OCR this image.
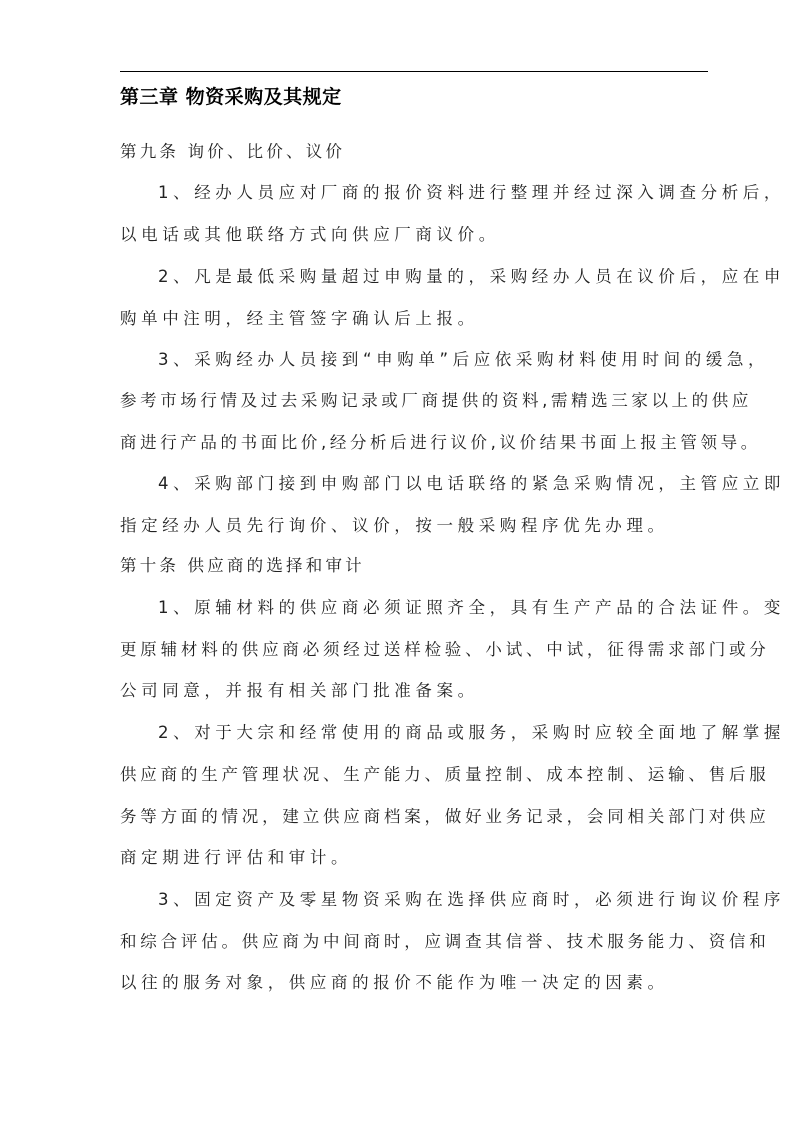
第三章 物资采购及其规定
第九条 询价、比价、议价
1、经办人员应对厂商的报价资料进行整理并经过深入调查分析后，
以电话或其他联络方式向供应厂商议价。
2、凡是最低采购量超过申购量的，采购经办人员在议价后，应在申
购单中注明，经主管签字确认后上报。
3、采购经办人员接到“申购单”后应依采购材料使用时间的缓急，
参考市场行情及过去采购记录或厂商提供的资料,需精选三家以上的供应
商进行产品的书面比价,经分析后进行议价,议价结果书面上报主管领导。
4、采购部门接到申购部门以电话联络的紧急采购情况，主管应立即
指定经办人员先行询价、议价，按一般采购程序优先办理。
第十条 供应商的选择和审计
1、原辅材料的供应商必须证照齐全，具有生产产品的合法证件。变
更原辅材料的供应商必须经过送样检验、小试、中试，征得需求部门或分
公司同意，并报有相关部门批准备案。
2、对于大宗和经常使用的商品或服务，采购时应较全面地了解掌握
供应商的生产管理状况、生产能力、质量控制、成本控制、运输、售后服
务等方面的情况，建立供应商档案，做好业务记录，会同相关部门对供应
商定期进行评估和审计。
3、固定资产及零星物资采购在选择供应商时，必须进行询议价程序
和综合评估。供应商为中间商时，应调查其信誉、技术服务能力、资信和
以往的服务对象，供应商的报价不能作为唯一决定的因素。
